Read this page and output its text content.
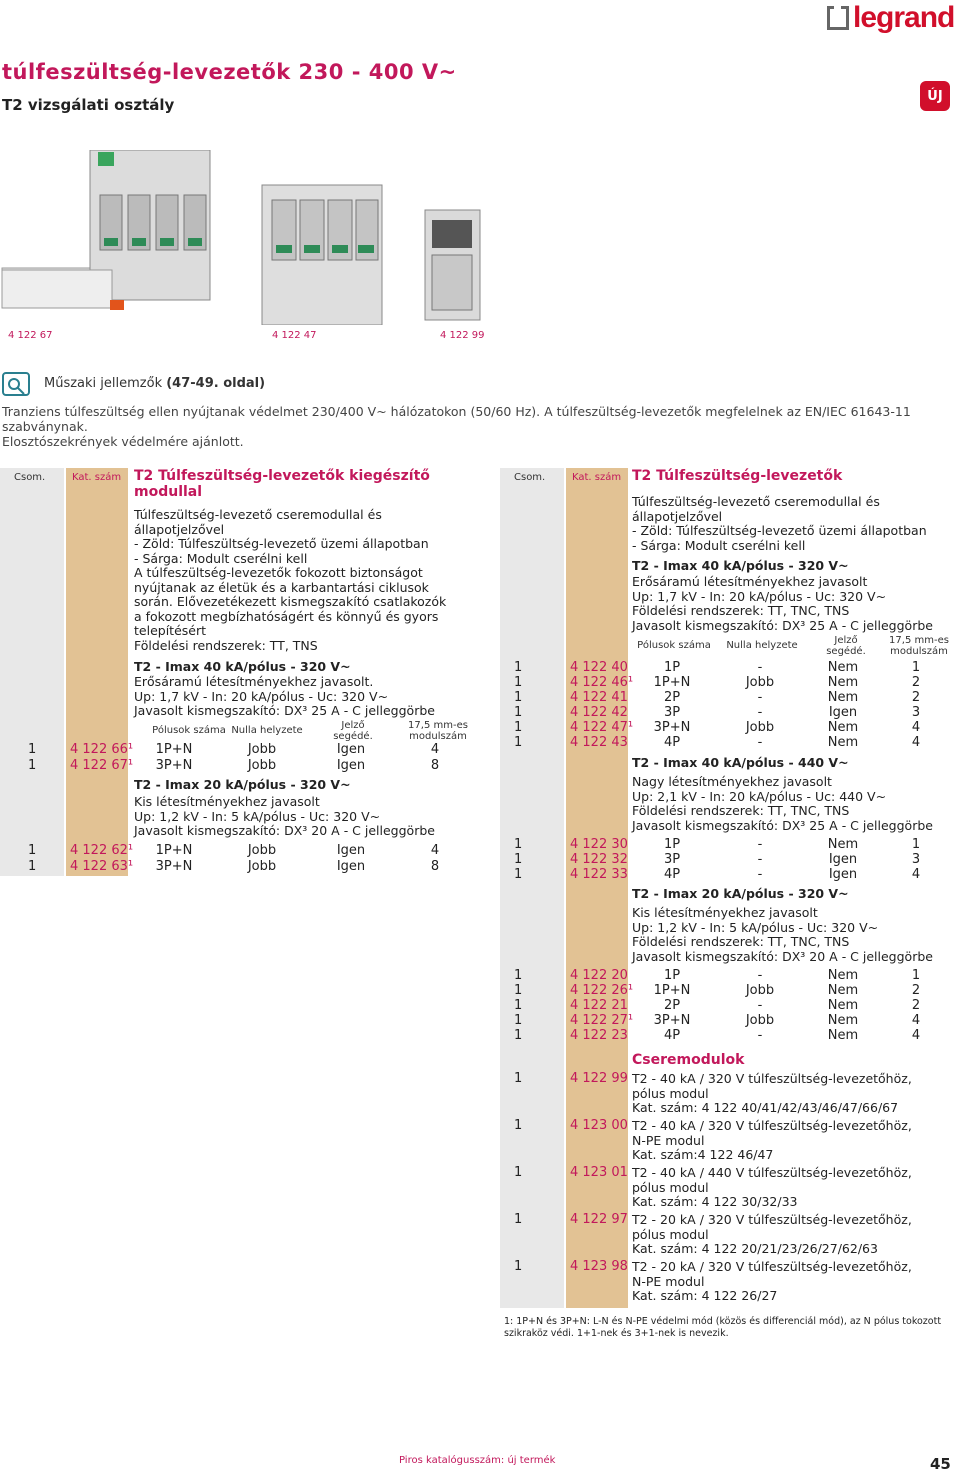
legrand
túlfeszültség-levezetők 230 - 400 V~
T2 vizsgálati osztály	ÚJ
4 122 67	4 122 47	4 122 99
Műszaki jellemzők (47-49. oldal)
Tranziens túlfeszültség ellen nyújtanak védelmet 230/400 V~ hálózatokon (50/60 Hz). A túlfeszültség-levezetők megfelelnek az EN/IEC 61643-11 szabványnak.
Elosztószekrények védelmére ajánlott.
Csom.	Kat. szám	Csom.	Kat. szám
T2 Túlfeszültség-levezetők kiegészítő
modullal
Túlfeszültség-levezető cseremodullal és
állapotjelzővel
- Zöld: Túlfeszültség-levezető üzemi állapotban
- Sárga: Modult cserélni kell
A túlfeszültség-levezetők fokozott biztonságot
nyújtanak az életük és a karbantartási ciklusok
során. Elővezetékezett kismegszakító csatlakozók
a fokozott megbízhatóságért és könnyű és gyors
telepítésért
Földelési rendszerek: TT, TNS
T2 - Imax 40 kA/pólus - 320 V~
Erősáramú létesítményekhez javasolt.
Up: 1,7 kV - In: 20 kA/pólus - Uc: 320 V~
Javasolt kismegszakító: DX³ 25 A - C jelleggörbe
Pólusok száma Nulla helyzete	Jelző
segédé.
17,5 mm-es
modulszám
1	4 122 66¹	1P+N	Jobb	Igen	4
1	4 122 67¹	3P+N	Jobb	Igen	8
T2 - Imax 20 kA/pólus - 320 V~
Kis létesítményekhez javasolt
Up: 1,2 kV - In: 5 kA/pólus - Uc: 320 V~
Javasolt kismegszakító: DX³ 20 A - C jelleggörbe
1	4 122 62¹	1P+N	Jobb	Igen	4
1	4 122 63¹	3P+N	Jobb	Igen	8
T2 Túlfeszültség-levezetők
Túlfeszültség-levezető cseremodullal és
állapotjelzővel
- Zöld: Túlfeszültség-levezető üzemi állapotban
- Sárga: Modult cserélni kell
T2 - Imax 40 kA/pólus - 320 V~
Erősáramú létesítményekhez javasolt
Up: 1,7 kV - In: 20 kA/pólus - Uc: 320 V~
Földelési rendszerek: TT, TNC, TNS
Javasolt kismegszakító: DX³ 25 A - C jelleggörbe
Pólusok száma	Nulla helyzete	Jelző
segédé.
17,5 mm-es
modulszám
1	4 122 40	1P	-	Nem	1
1	4 122 46¹	1P+N	Jobb	Nem	2
1	4 122 41	2P	-	Nem	2
1	4 122 42	3P	-	Igen	3
1	4 122 47¹	3P+N	Jobb	Nem	4
1	4 122 43	4P	-	Nem	4
T2 - Imax 40 kA/pólus - 440 V~
Nagy létesítményekhez javasolt
Up: 2,1 kV - In: 20 kA/pólus - Uc: 440 V~
Földelési rendszerek: TT, TNC, TNS
Javasolt kismegszakító: DX³ 25 A - C jelleggörbe
1	4 122 30	1P	-	Nem	1
1	4 122 32	3P	-	Igen	3
1	4 122 33	4P	-	Igen	4
T2 - Imax 20 kA/pólus - 320 V~
Kis létesítményekhez javasolt
Up: 1,2 kV - In: 5 kA/pólus - Uc: 320 V~
Földelési rendszerek: TT, TNC, TNS
Javasolt kismegszakító: DX³ 20 A - C jelleggörbe
1	4 122 20	1P	-	Nem	1
1	4 122 26¹	1P+N	Jobb	Nem	2
1	4 122 21	2P	-	Nem	2
1	4 122 27¹	3P+N	Jobb	Nem	4
1	4 122 23	4P	-	Nem	4
Cseremodulok
1	4 122 99 T2 - 40 kA / 320 V túlfeszültség-levezetőhöz,
pólus modul
Kat. szám: 4 122 40/41/42/43/46/47/66/67
1	4 123 00 T2 - 40 kA / 320 V túlfeszültség-levezetőhöz,
N-PE modul
Kat. szám:4 122 46/47
1	4 123 01 T2 - 40 kA / 440 V túlfeszültség-levezetőhöz,
pólus modul
Kat. szám: 4 122 30/32/33
1	4 122 97 T2 - 20 kA / 320 V túlfeszültség-levezetőhöz,
pólus modul
Kat. szám: 4 122 20/21/23/26/27/62/63
1	4 123 98 T2 - 20 kA / 320 V túlfeszültség-levezetőhöz,
N-PE modul
Kat. szám: 4 122 26/27
1: 1P+N és 3P+N: L-N és N-PE védelmi mód (közös és differenciál mód), az N pólus tokozott szikraköz védi. 1+1-nek és 3+1-nek is nevezik.
Piros katalógusszám: új termék	45
